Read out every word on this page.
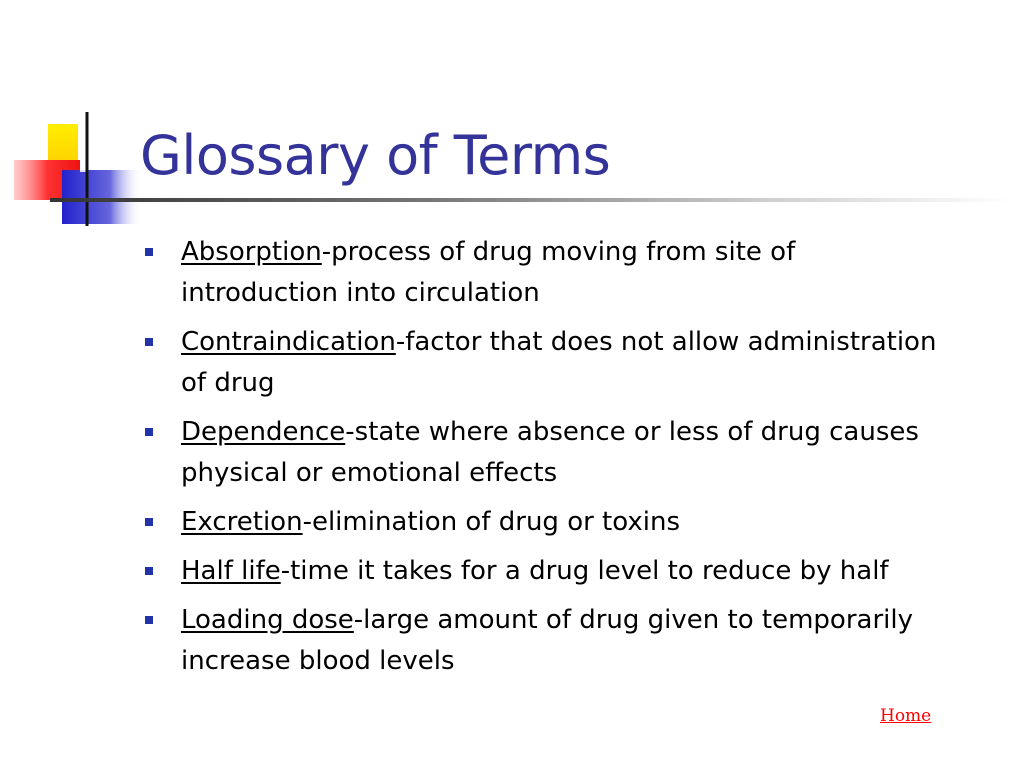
Glossary of Terms
Absorption-process of drug moving from site of introduction into circulation
Contraindication-factor that does not allow administration of drug
Dependence-state where absence or less of drug causes physical or emotional effects
Excretion-elimination of drug or toxins
Half life-time it takes for a drug level to reduce by half
Loading dose-large amount of drug given to temporarily increase blood levels
Home
